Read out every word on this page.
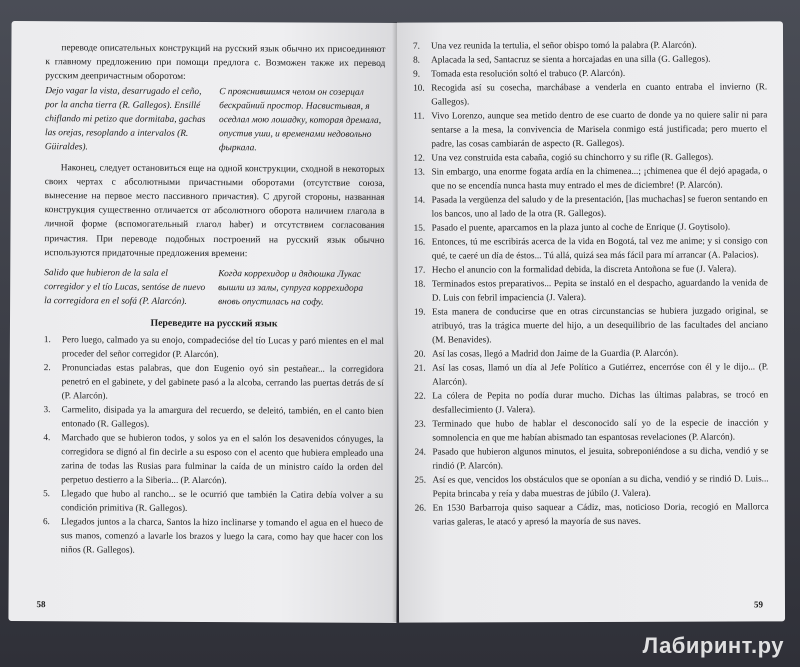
переводе описательных конструкций на русский язык обычно их присоединяют к главному предложению при помощи предлога с. Возможен также их перевод русским деепричастным оборотом:

Dejo vagar la vista, desarrugado el ceño, por la ancha tierra (R. Gallegos). Ensillé chiflando mi petizo que dormitaba, gachas las orejas, resoplando a intervalos (R. Güiraldes).
С прояснившимся челом он созерцал бескрайний простор. Насвистывая, я оседлал мою лошадку, которая дремала, опустив уши, и временами недовольно фыркала.

Наконец, следует остановиться еще на одной конструкции, сходной в некоторых своих чертах с абсолютными причастными оборотами (отсутствие союза, вынесение на первое место пассивного причастия). С другой стороны, названная конструкция существенно отличается от абсолютного оборота наличием глагола в личной форме (вспомогательный глагол haber) и отсутствием согласования причастия. При переводе подобных построений на русский язык обычно используются придаточные предложения времени:

Salido que hubieron de la sala el corregidor y el tío Lucas, sentóse de nuevo la corregidora en el sofá (P. Alarcón).
Когда коррехидор и дядюшка Лукас вышли из залы, супруга коррехидора вновь опустилась на софу.
Переведите на русский язык
1.	Pero luego, calmado ya su enojo, compadecióse del tío Lucas y paró mientes en el mal proceder del señor corregidor (P. Alarcón).
2.	Pronunciadas estas palabras, que don Eugenio oyó sin pestañear... la corregidora penetró en el gabinete, y del gabinete pasó a la alcoba, cerrando las puertas detrás de sí (P. Alarcón).
3.	Carmelito, disipada ya la amargura del recuerdo, se deleitó, también, en el canto bien entonado (R. Gallegos).
4.	Marchado que se hubieron todos, y solos ya en el salón los desavenidos cónyuges, la corregidora se dignó al fin decirle a su esposo con el acento que hubiera empleado una zarina de todas las Rusias para fulminar la caída de un ministro caído la orden del perpetuo destierro a la Siberia... (P. Alarcón).
5.	Llegado que hubo al rancho... se le ocurrió que también la Catira debía volver a su condición primitiva (R. Gallegos).
6.	Llegados juntos a la charca, Santos la hizo inclinarse y tomando el agua en el hueco de sus manos, comenzó a lavarle los brazos y luego la cara, como hay que hacer con los niños (R. Gallegos).
58
7.	Una vez reunida la tertulia, el señor obispo tomó la palabra (P. Alarcón).
8.	Aplacada la sed, Santacruz se sienta a horcajadas en una silla (G. Gallegos).
9.	Tomada esta resolución soltó el trabuco (P. Alarcón).
10. Recogida así su cosecha, marchábase a venderla en cuanto entraba el invierno (R. Gallegos).
11. Vivo Lorenzo, aunque sea metido dentro de ese cuarto de donde ya no quiere salir ni para sentarse a la mesa, la convivencia de Marisela conmigo está justificada; pero muerto el padre, las cosas cambiarán de aspecto (R. Gallegos).
12. Una vez construida esta cabaña, cogió su chinchorro y su rifle (R. Gallegos).
13. Sin embargo, una enorme fogata ardía en la chimenea...; ¡chimenea que él dejó apagada, o que no se encendía nunca hasta muy entrado el mes de diciembre! (P. Alarcón).
14. Pasada la vergüenza del saludo y de la presentación, [las muchachas] se fueron sentando en los bancos, uno al lado de la otra (R. Gallegos).
15. Pasado el puente, aparcamos en la plaza junto al coche de Enrique (J. Goytisolo).
16. Entonces, tú me escribirás acerca de la vida en Bogotá, tal vez me anime; y si consigo con qué, te caeré un día de éstos... Tú allá, quizá sea más fácil para mí arrancar (A. Palacios).
17. Hecho el anuncio con la formalidad debida, la discreta Antoñona se fue (J. Valera).
18. Terminados estos preparativos... Pepita se instaló en el despacho, aguardando la venida de D. Luis con febril impaciencia (J. Valera).
19. Esta manera de conducirse que en otras circunstancias se hubiera juzgado original, se atribuyó, tras la trágica muerte del hijo, a un desequilibrio de las facultades del anciano (M. Benavides).
20. Así las cosas, llegó a Madrid don Jaime de la Guardia (P. Alarcón).
21. Así las cosas, llamó un día al Jefe Político a Gutiérrez, encerróse con él y le dijo... (P. Alarcón).
22. La cólera de Pepita no podía durar mucho. Dichas las últimas palabras, se trocó en desfallecimiento (J. Valera).
23. Terminado que hubo de hablar el desconocido salí yo de la especie de inacción y somnolencia en que me habían abismado tan espantosas revelaciones (P. Alarcón).
24. Pasado que hubieron algunos minutos, el jesuita, sobreponiéndose a su dicha, vendió y se rindió (P. Alarcón).
25. Así es que, vencidos los obstáculos que se oponían a su dicha, vendió y se rindió D. Luis... Pepita brincaba y reía y daba muestras de júbilo (J. Valera).
26. En 1530 Barbarroja quiso saquear a Cádiz, mas, noticioso Doria, recogió en Mallorca varias galeras, le atacó y apresó la mayoría de sus naves.
59
Лабиринт.ру
